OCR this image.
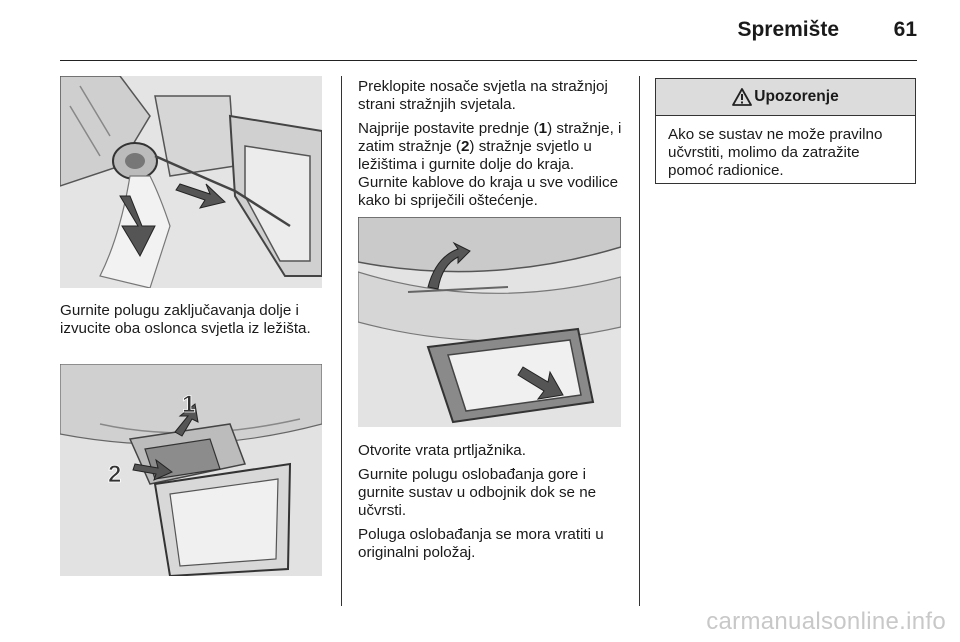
Spremište	61

Gurnite polugu zaključavanja dolje i izvucite oba oslonca svjetla iz ležišta.

1
2

Preklopite nosače svjetla na stražnjoj strani stražnjih svjetala.

Najprije postavite prednje (1) stražnje, i zatim stražnje (2) stražnje svjetlo u ležištima i gurnite dolje do kraja. Gurnite kablove do kraja u sve vodilice kako bi spriječili oštećenje.

Otvorite vrata prtljažnika.

Gurnite polugu oslobađanja gore i gurnite sustav u odbojnik dok se ne učvrsti.

Poluga oslobađanja se mora vratiti u originalni položaj.

Upozorenje
Ako se sustav ne može pravilno učvrstiti, molimo da zatražite pomoć radionice.
carmanualsonline.info
